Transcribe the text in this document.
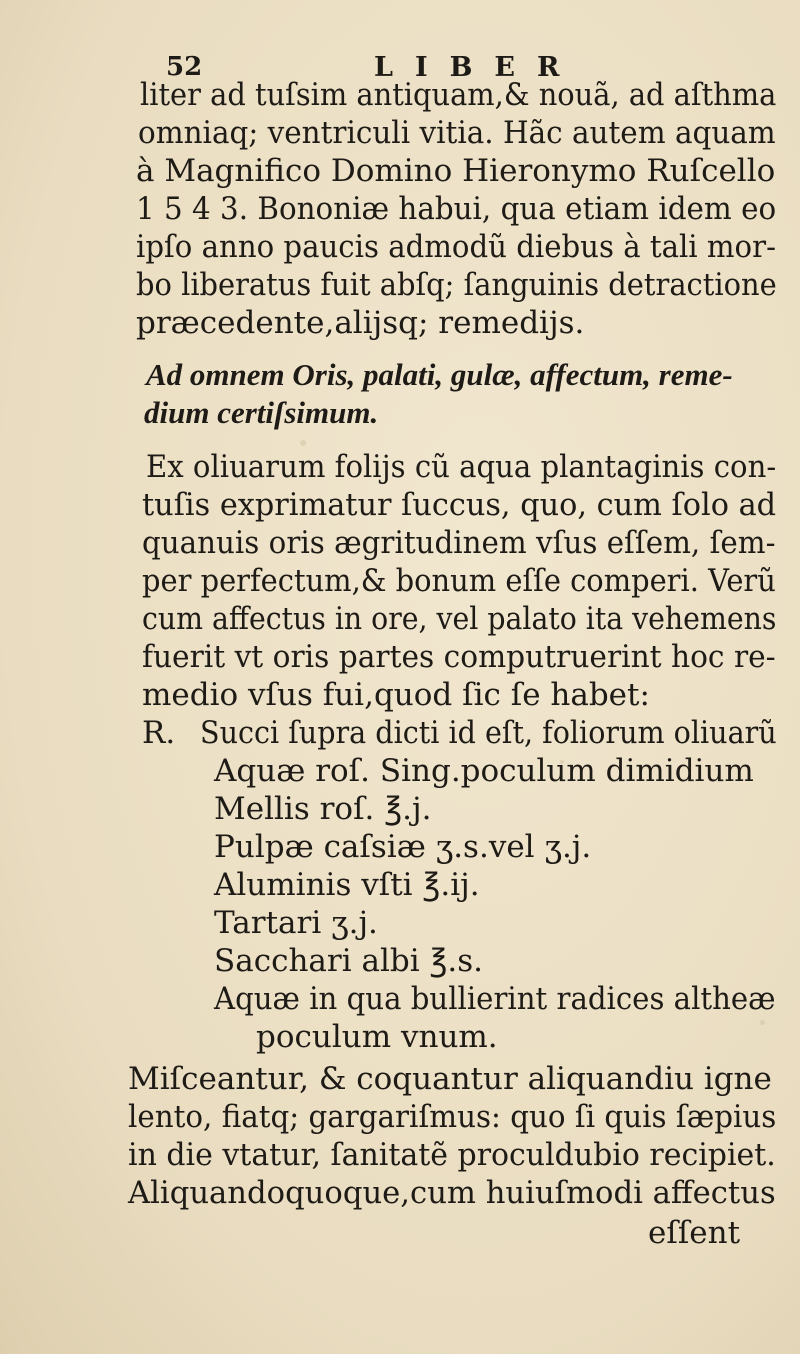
52	LIBER
liter ad tuſsim antiquam,& nouã, ad aſthma
omniaq; ventriculi vitia. Hãc autem aquam
à Magnifico Domino Hieronymo Ruſcello
1 5 4 3. Bononiæ habui, qua etiam idem eo
ipſo anno paucis admodũ diebus à tali mor-
bo liberatus fuit abſq; ſanguinis detractione
præcedente,alijsq; remedijs.
Ad omnem Oris, palati, gulæ, affectum, reme-
dium certiſsimum.
Ex oliuarum folijs cũ aqua plantaginis con-
tuſis exprimatur ſuccus, quo, cum ſolo ad
quanuis oris ægritudinem vſus eſſem, ſem-
per perfectum,& bonum eſſe comperi. Verũ
cum affectus in ore, vel palato ita vehemens
fuerit vt oris partes computruerint hoc re-
medio vſus fui,quod ſic ſe habet:
R. Succi ſupra dicti id eſt, foliorum oliuarũ
Aquæ roſ. Sing.poculum dimidium
Mellis roſ. ℥.j.
Pulpæ caſsiæ ʒ.s.vel ʒ.j.
Aluminis vſti ℥.ij.
Tartari ʒ.j.
Sacchari albi ℥.s.
Aquæ in qua bullierint radices altheæ
poculum vnum.
Miſceantur, & coquantur aliquandiu igne
lento, fiatq; gargariſmus: quo ſi quis ſæpius
in die vtatur, ſanitatẽ proculdubio recipiet.
Aliquandoquoque,cum huiuſmodi affectus
eſſent
